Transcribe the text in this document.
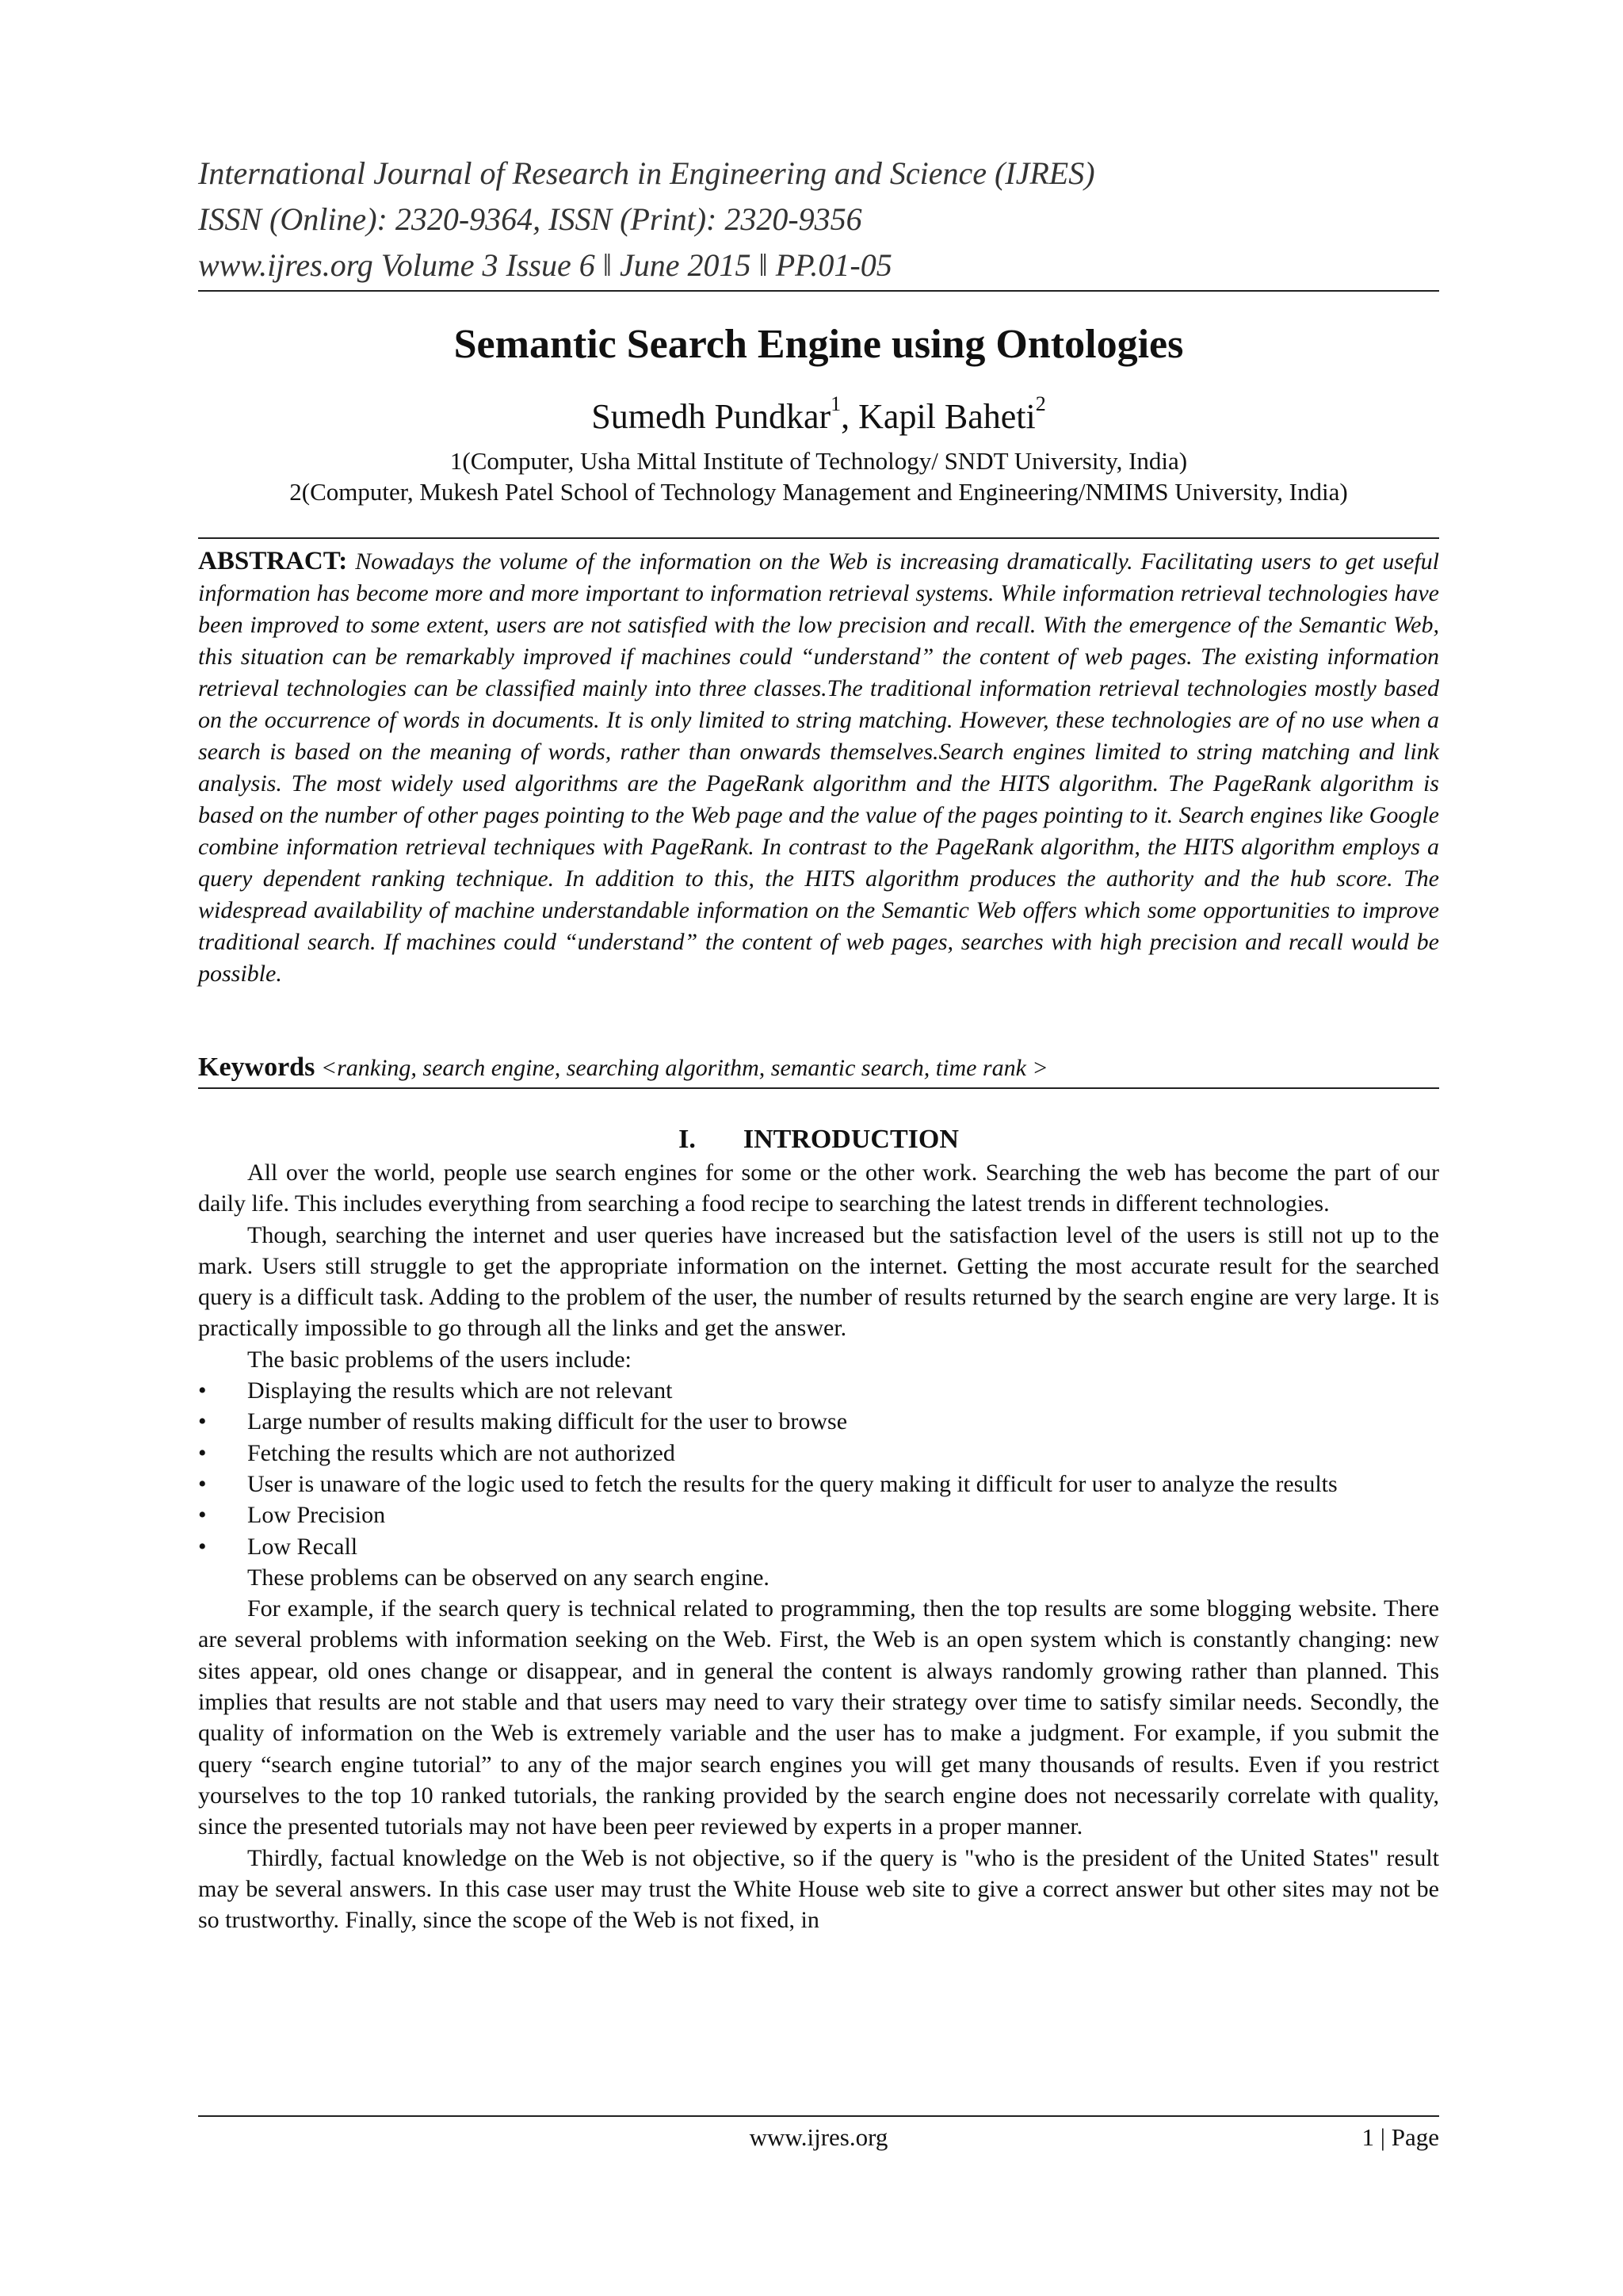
International Journal of Research in Engineering and Science (IJRES)
ISSN (Online): 2320-9364, ISSN (Print): 2320-9356
www.ijres.org Volume 3 Issue 6 ǁ June 2015 ǁ PP.01-05
Semantic Search Engine using Ontologies
Sumedh Pundkar$^1$, Kapil Baheti$^2$
1(Computer, Usha Mittal Institute of Technology/ SNDT University, India)
2(Computer, Mukesh Patel School of Technology Management and Engineering/NMIMS University, India)
ABSTRACT: Nowadays the volume of the information on the Web is increasing dramatically. Facilitating users to get useful information has become more and more important to information retrieval systems. While information retrieval technologies have been improved to some extent, users are not satisfied with the low precision and recall. With the emergence of the Semantic Web, this situation can be remarkably improved if machines could “understand” the content of web pages. The existing information retrieval technologies can be classified mainly into three classes.The traditional information retrieval technologies mostly based on the occurrence of words in documents. It is only limited to string matching. However, these technologies are of no use when a search is based on the meaning of words, rather than onwards themselves.Search engines limited to string matching and link analysis. The most widely used algorithms are the PageRank algorithm and the HITS algorithm. The PageRank algorithm is based on the number of other pages pointing to the Web page and the value of the pages pointing to it. Search engines like Google combine information retrieval techniques with PageRank. In contrast to the PageRank algorithm, the HITS algorithm employs a query dependent ranking technique. In addition to this, the HITS algorithm produces the authority and the hub score. The widespread availability of machine understandable information on the Semantic Web offers which some opportunities to improve traditional search. If machines could “understand” the content of web pages, searches with high precision and recall would be possible.
Keywords <ranking, search engine, searching algorithm, semantic search, time rank >
I. INTRODUCTION

All over the world, people use search engines for some or the other work. Searching the web has become the part of our daily life. This includes everything from searching a food recipe to searching the latest trends in different technologies.

Though, searching the internet and user queries have increased but the satisfaction level of the users is still not up to the mark. Users still struggle to get the appropriate information on the internet. Getting the most accurate result for the searched query is a difficult task. Adding to the problem of the user, the number of results returned by the search engine are very large. It is practically impossible to go through all the links and get the answer.

The basic problems of the users include:

• Displaying the results which are not relevant
• Large number of results making difficult for the user to browse
• Fetching the results which are not authorized
• User is unaware of the logic used to fetch the results for the query making it difficult for user to analyze the results
• Low Precision
• Low Recall

These problems can be observed on any search engine.

For example, if the search query is technical related to programming, then the top results are some blogging website. There are several problems with information seeking on the Web. First, the Web is an open system which is constantly changing: new sites appear, old ones change or disappear, and in general the content is always randomly growing rather than planned. This implies that results are not stable and that users may need to vary their strategy over time to satisfy similar needs. Secondly, the quality of information on the Web is extremely variable and the user has to make a judgment. For example, if you submit the query “search engine tutorial” to any of the major search engines you will get many thousands of results. Even if you restrict yourselves to the top 10 ranked tutorials, the ranking provided by the search engine does not necessarily correlate with quality, since the presented tutorials may not have been peer reviewed by experts in a proper manner.

Thirdly, factual knowledge on the Web is not objective, so if the query is "who is the president of the United States" result may be several answers. In this case user may trust the White House web site to give a correct answer but other sites may not be so trustworthy. Finally, since the scope of the Web is not fixed, in

www.ijres.org	1 | Page
